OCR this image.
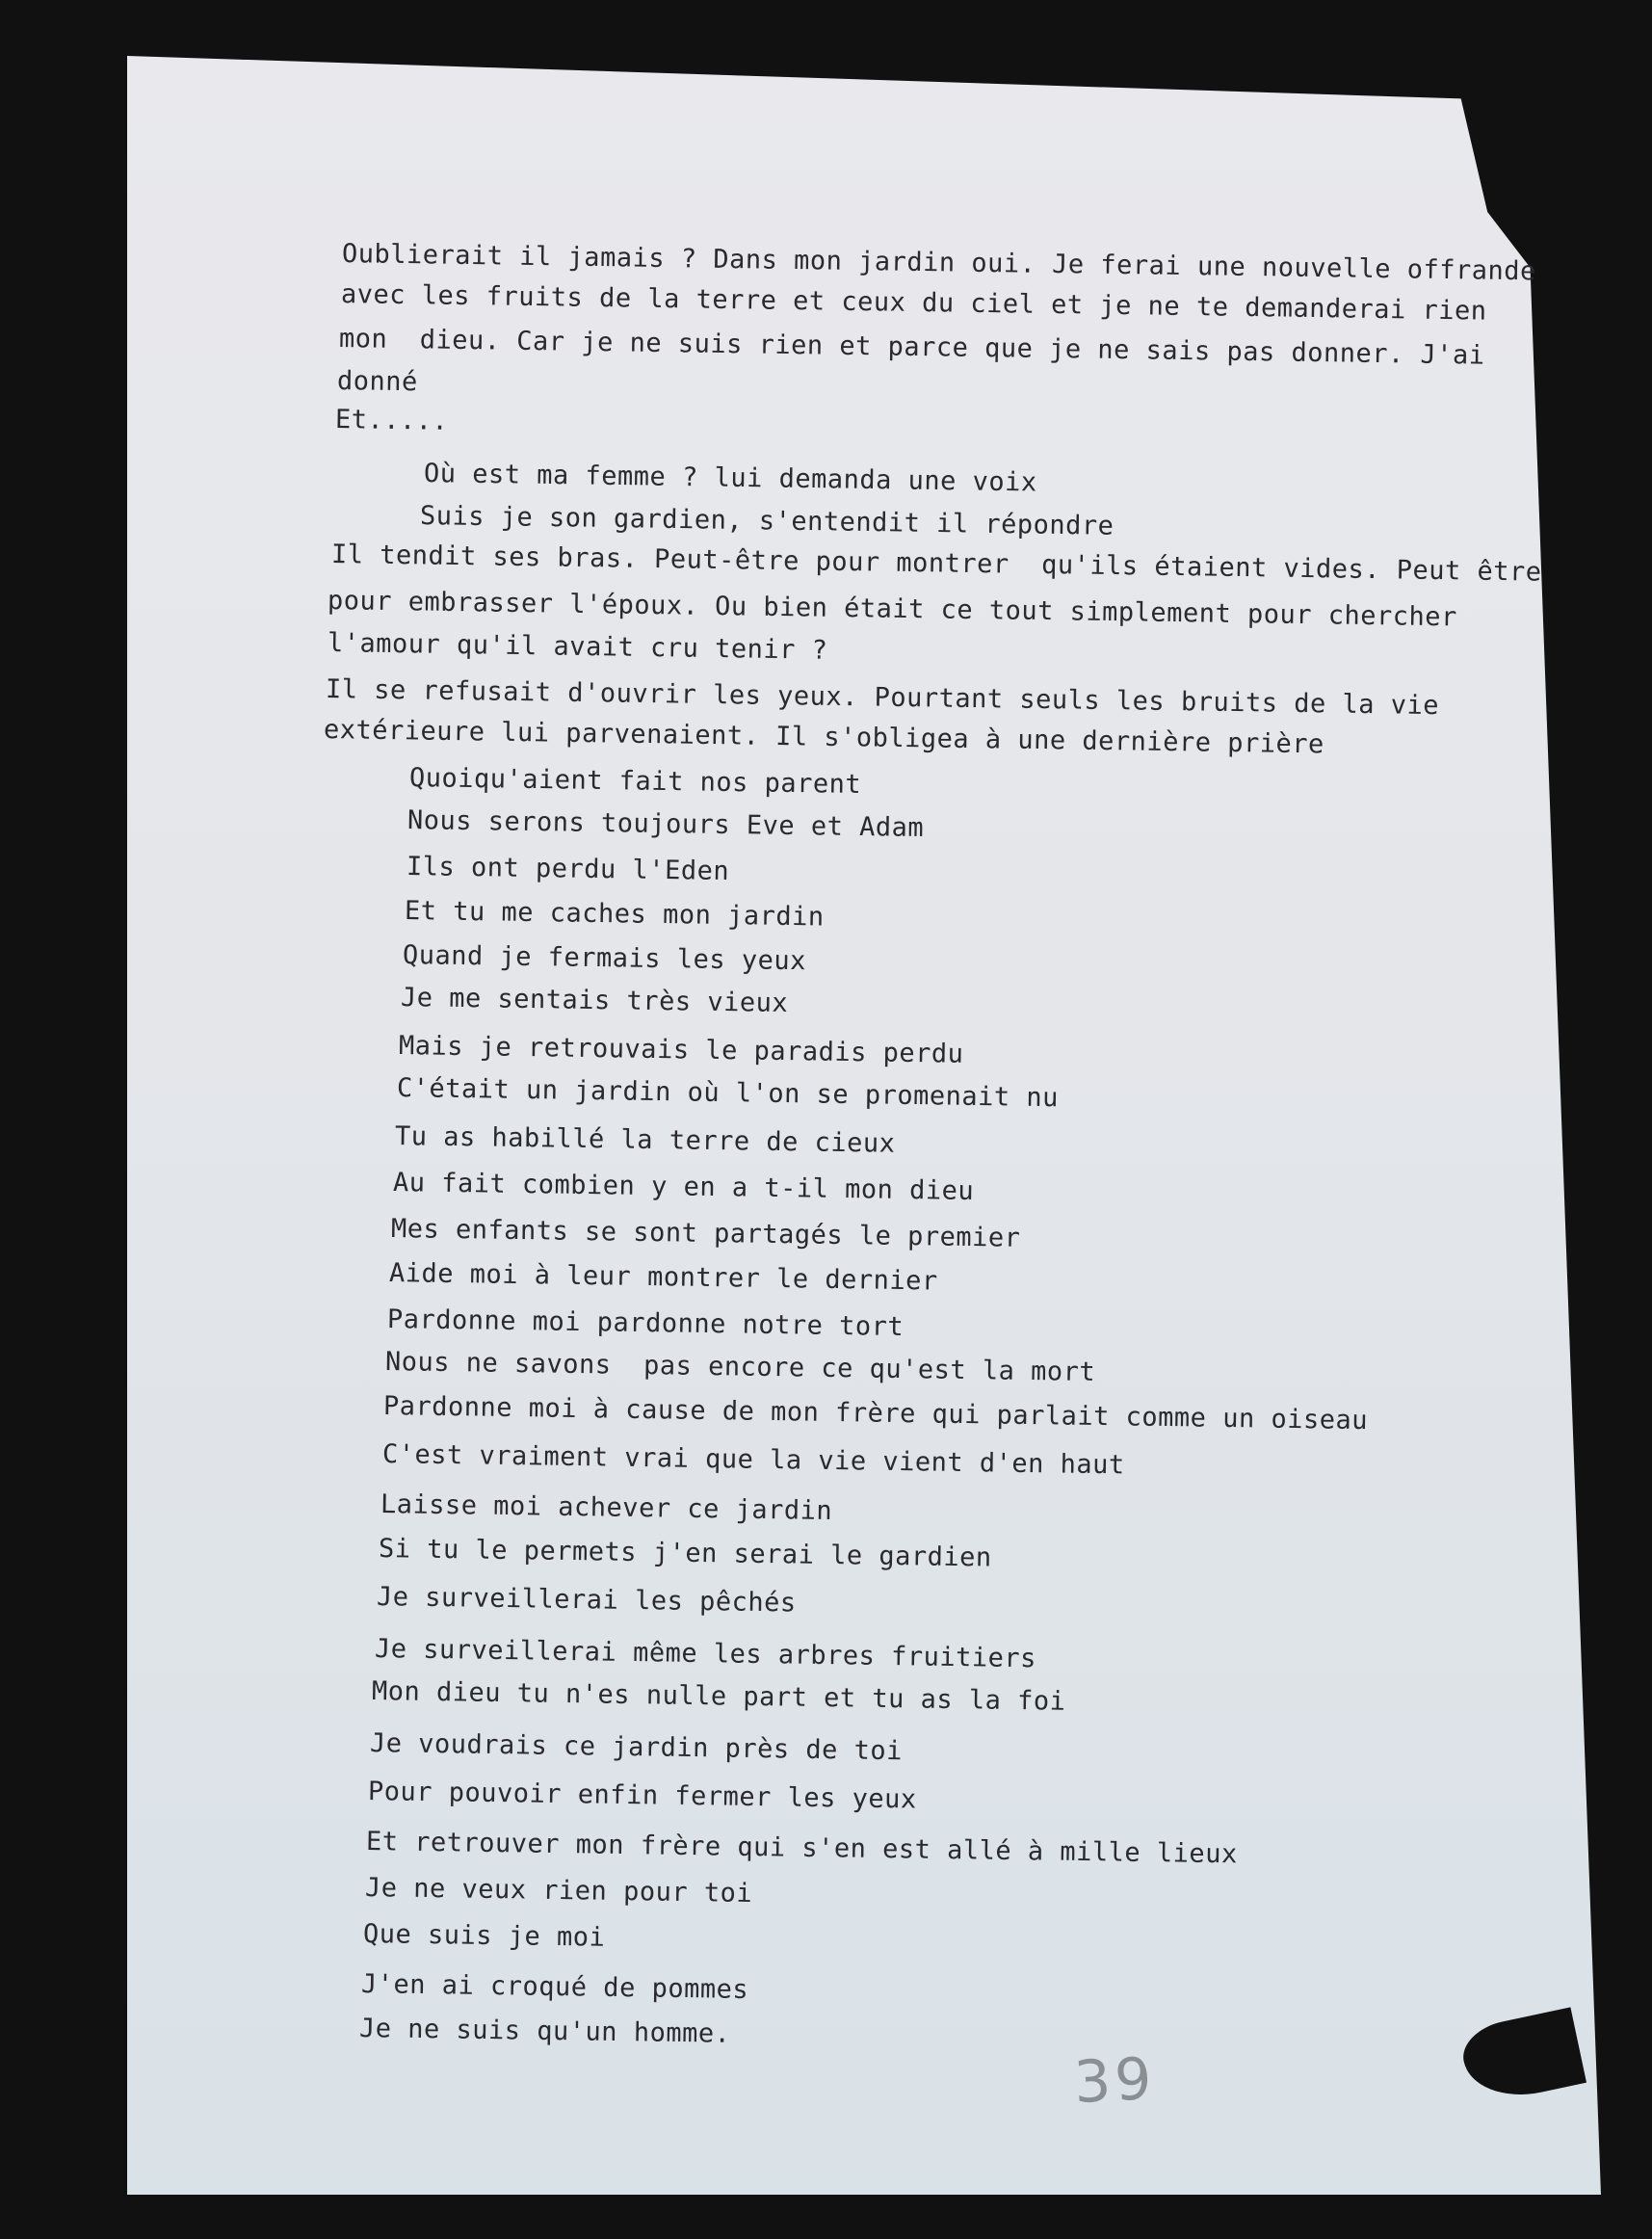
Oublierait il jamais ? Dans mon jardin oui. Je ferai une nouvelle offrande
avec les fruits de la terre et ceux du ciel et je ne te demanderai rien
mon  dieu. Car je ne suis rien et parce que je ne sais pas donner. J'ai
donné
Et.....
Où est ma femme ? lui demanda une voix
Suis je son gardien, s'entendit il répondre
Il tendit ses bras. Peut-être pour montrer  qu'ils étaient vides. Peut être
pour embrasser l'époux. Ou bien était ce tout simplement pour chercher
l'amour qu'il avait cru tenir ?
Il se refusait d'ouvrir les yeux. Pourtant seuls les bruits de la vie
extérieure lui parvenaient. Il s'obligea à une dernière prière
Quoiqu'aient fait nos parent
Nous serons toujours Eve et Adam
Ils ont perdu l'Eden
Et tu me caches mon jardin
Quand je fermais les yeux
Je me sentais très vieux
Mais je retrouvais le paradis perdu
C'était un jardin où l'on se promenait nu
Tu as habillé la terre de cieux
Au fait combien y en a t-il mon dieu
Mes enfants se sont partagés le premier
Aide moi à leur montrer le dernier
Pardonne moi pardonne notre tort
Nous ne savons  pas encore ce qu'est la mort
Pardonne moi à cause de mon frère qui parlait comme un oiseau
C'est vraiment vrai que la vie vient d'en haut
Laisse moi achever ce jardin
Si tu le permets j'en serai le gardien
Je surveillerai les pêchés
Je surveillerai même les arbres fruitiers
Mon dieu tu n'es nulle part et tu as la foi
Je voudrais ce jardin près de toi
Pour pouvoir enfin fermer les yeux
Et retrouver mon frère qui s'en est allé à mille lieux
Je ne veux rien pour toi
Que suis je moi
J'en ai croqué de pommes
Je ne suis qu'un homme.
39
